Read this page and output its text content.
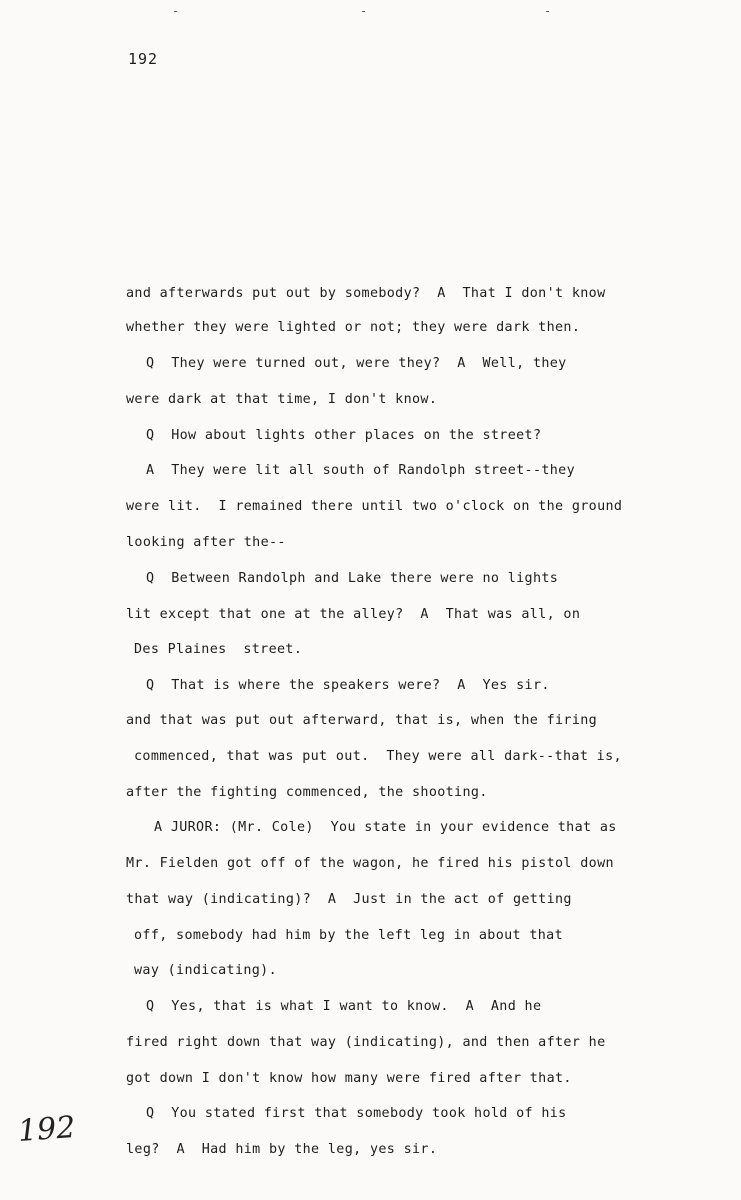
-	-	-
192
and afterwards put out by somebody?  A  That I don't know
whether they were lighted or not; they were dark then.
Q  They were turned out, were they?  A  Well, they
were dark at that time, I don't know.
Q  How about lights other places on the street?
A  They were lit all south of Randolph street--they
were lit.  I remained there until two o'clock on the ground
looking after the--
Q  Between Randolph and Lake there were no lights
lit except that one at the alley?  A  That was all, on
Des Plaines  street.
Q  That is where the speakers were?  A  Yes sir.
and that was put out afterward, that is, when the firing
commenced, that was put out.  They were all dark--that is,
after the fighting commenced, the shooting.
A JUROR: (Mr. Cole)  You state in your evidence that as
Mr. Fielden got off of the wagon, he fired his pistol down
that way (indicating)?  A  Just in the act of getting
off, somebody had him by the left leg in about that
way (indicating).
Q  Yes, that is what I want to know.  A  And he
fired right down that way (indicating), and then after he
got down I don't know how many were fired after that.
Q  You stated first that somebody took hold of his
leg?  A  Had him by the leg, yes sir.
192
